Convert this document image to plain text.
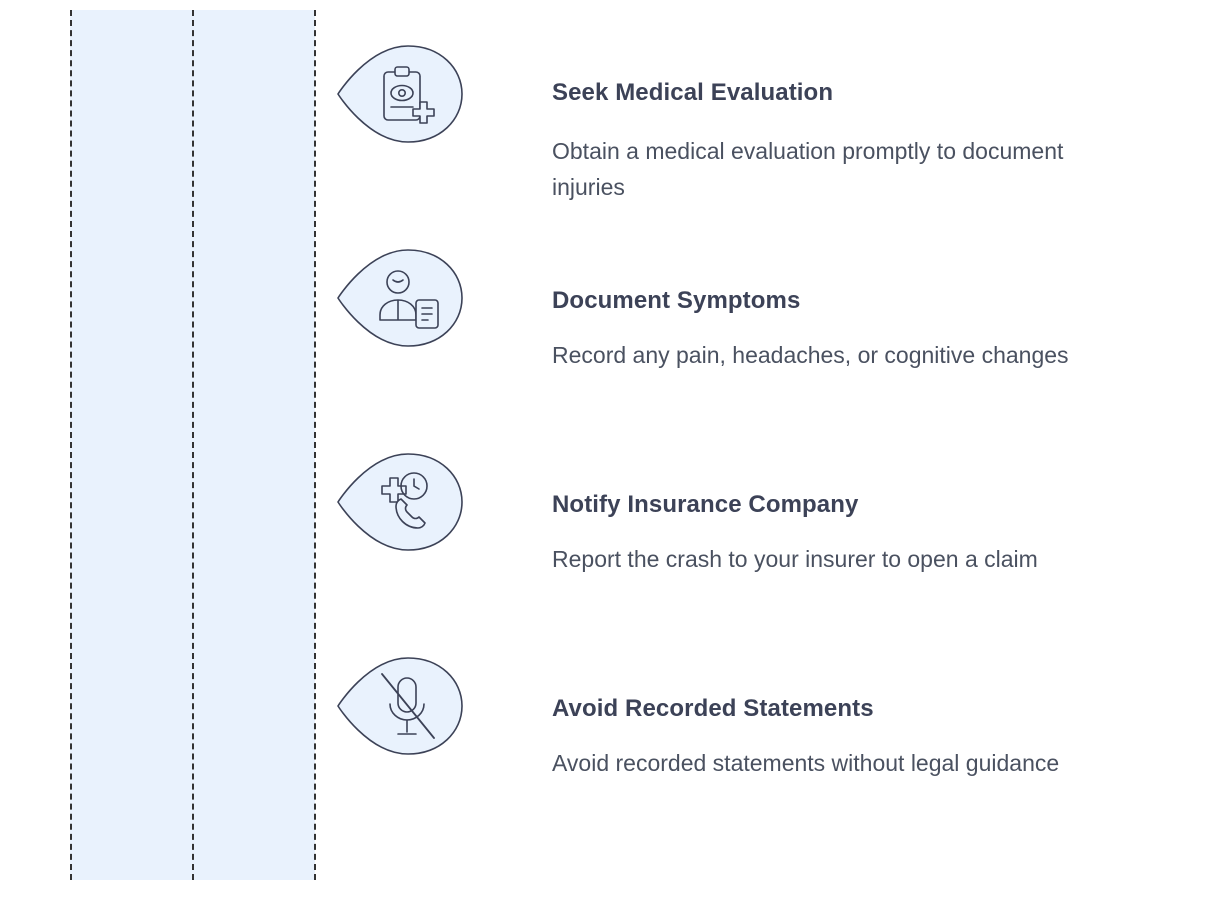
Seek Medical Evaluation
Obtain a medical evaluation promptly to document injuries
Document Symptoms
Record any pain, headaches, or cognitive changes
Notify Insurance Company
Report the crash to your insurer to open a claim
Avoid Recorded Statements
Avoid recorded statements without legal guidance
